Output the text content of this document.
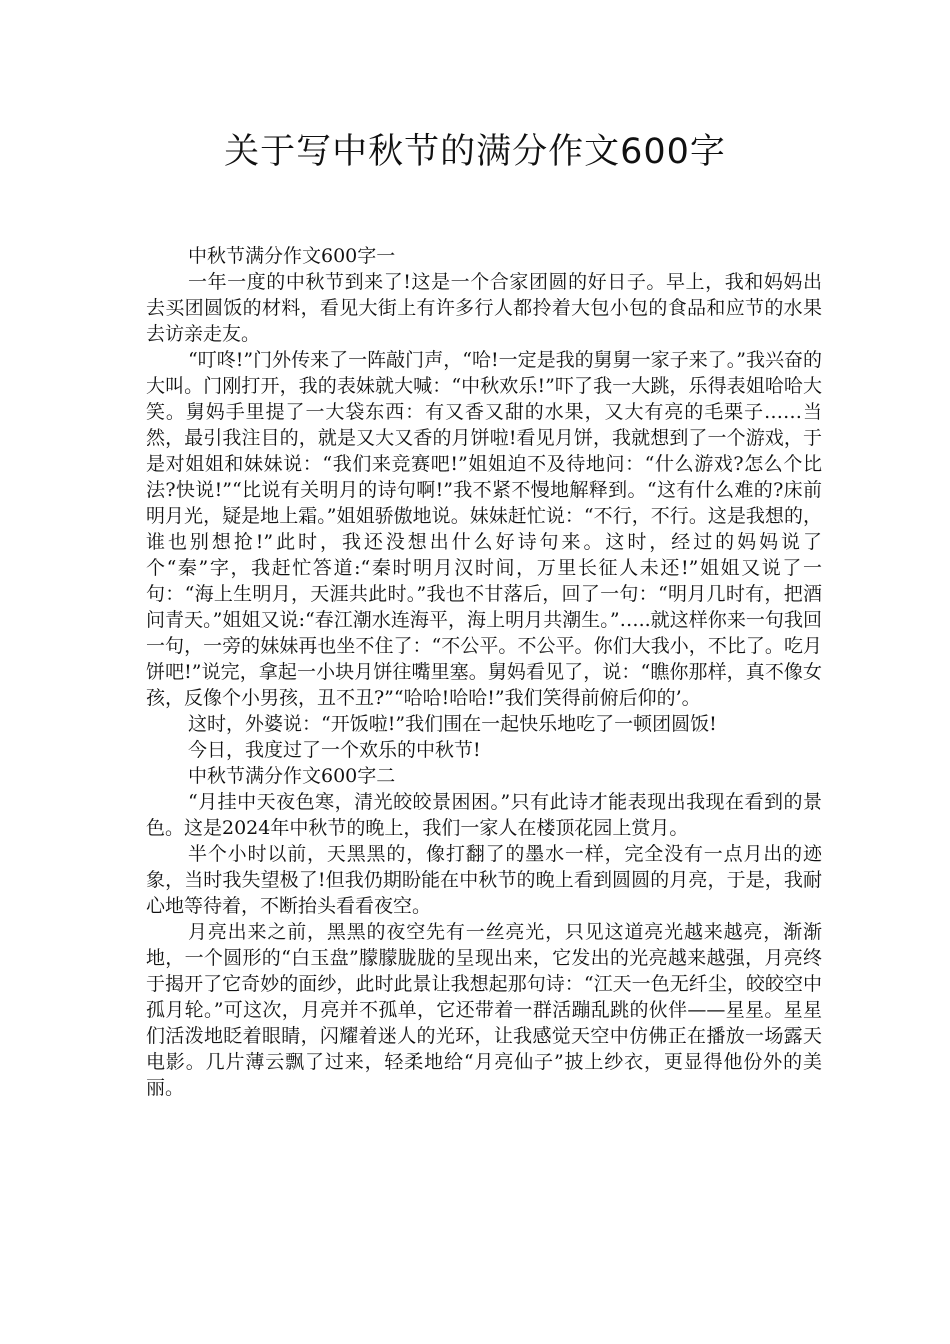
关于写中秋节的满分作文600字

中秋节满分作文600字一

一年一度的中秋节到来了!这是一个合家团圆的好日子。早上，我和妈妈出去买团圆饭的材料，看见大街上有许多行人都拎着大包小包的食品和应节的水果去访亲走友。

“叮咚!”门外传来了一阵敲门声，“哈!一定是我的舅舅一家子来了。”我兴奋的大叫。门刚打开，我的表妹就大喊：“中秋欢乐!”吓了我一大跳，乐得表姐哈哈大笑。舅妈手里提了一大袋东西：有又香又甜的水果，又大有亮的毛栗子……当然，最引我注目的，就是又大又香的月饼啦!看见月饼，我就想到了一个游戏，于是对姐姐和妹妹说：“我们来竞赛吧!”姐姐迫不及待地问：“什么游戏?怎么个比法?快说!”“比说有关明月的诗句啊!”我不紧不慢地解释到。“这有什么难的?床前明月光，疑是地上霜。”姐姐骄傲地说。妹妹赶忙说：“不行，不行。这是我想的，谁也别想抢!”此时，我还没想出什么好诗句来。这时，经过的妈妈说了个“秦”字，我赶忙答道:“秦时明月汉时间，万里长征人未还!”姐姐又说了一句：“海上生明月，天涯共此时。”我也不甘落后，回了一句：“明月几时有，把酒问青天。”姐姐又说:“春江潮水连海平，海上明月共潮生。”…..就这样你来一句我回一句，一旁的妹妹再也坐不住了：“不公平。不公平。你们大我小，不比了。吃月饼吧!”说完，拿起一小块月饼往嘴里塞。舅妈看见了，说：“瞧你那样，真不像女孩，反像个小男孩，丑不丑?”“哈哈!哈哈!”我们笑得前俯后仰的’。

这时，外婆说：“开饭啦!”我们围在一起快乐地吃了一顿团圆饭!

今日，我度过了一个欢乐的中秋节!

中秋节满分作文600字二

“月挂中天夜色寒，清光皎皎景困困。”只有此诗才能表现出我现在看到的景色。这是2024年中秋节的晚上，我们一家人在楼顶花园上赏月。

半个小时以前，天黑黑的，像打翻了的墨水一样，完全没有一点月出的迹象，当时我失望极了!但我仍期盼能在中秋节的晚上看到圆圆的月亮，于是，我耐心地等待着，不断抬头看看夜空。

月亮出来之前，黑黑的夜空先有一丝亮光，只见这道亮光越来越亮，渐渐地，一个圆形的“白玉盘”朦朦胧胧的呈现出来，它发出的光亮越来越强，月亮终于揭开了它奇妙的面纱，此时此景让我想起那句诗：“江天一色无纤尘，皎皎空中孤月轮。”可这次，月亮并不孤单，它还带着一群活蹦乱跳的伙伴——星星。星星们活泼地眨着眼睛，闪耀着迷人的光环，让我感觉天空中仿佛正在播放一场露天电影。几片薄云飘了过来，轻柔地给“月亮仙子”披上纱衣，更显得他份外的美丽。
